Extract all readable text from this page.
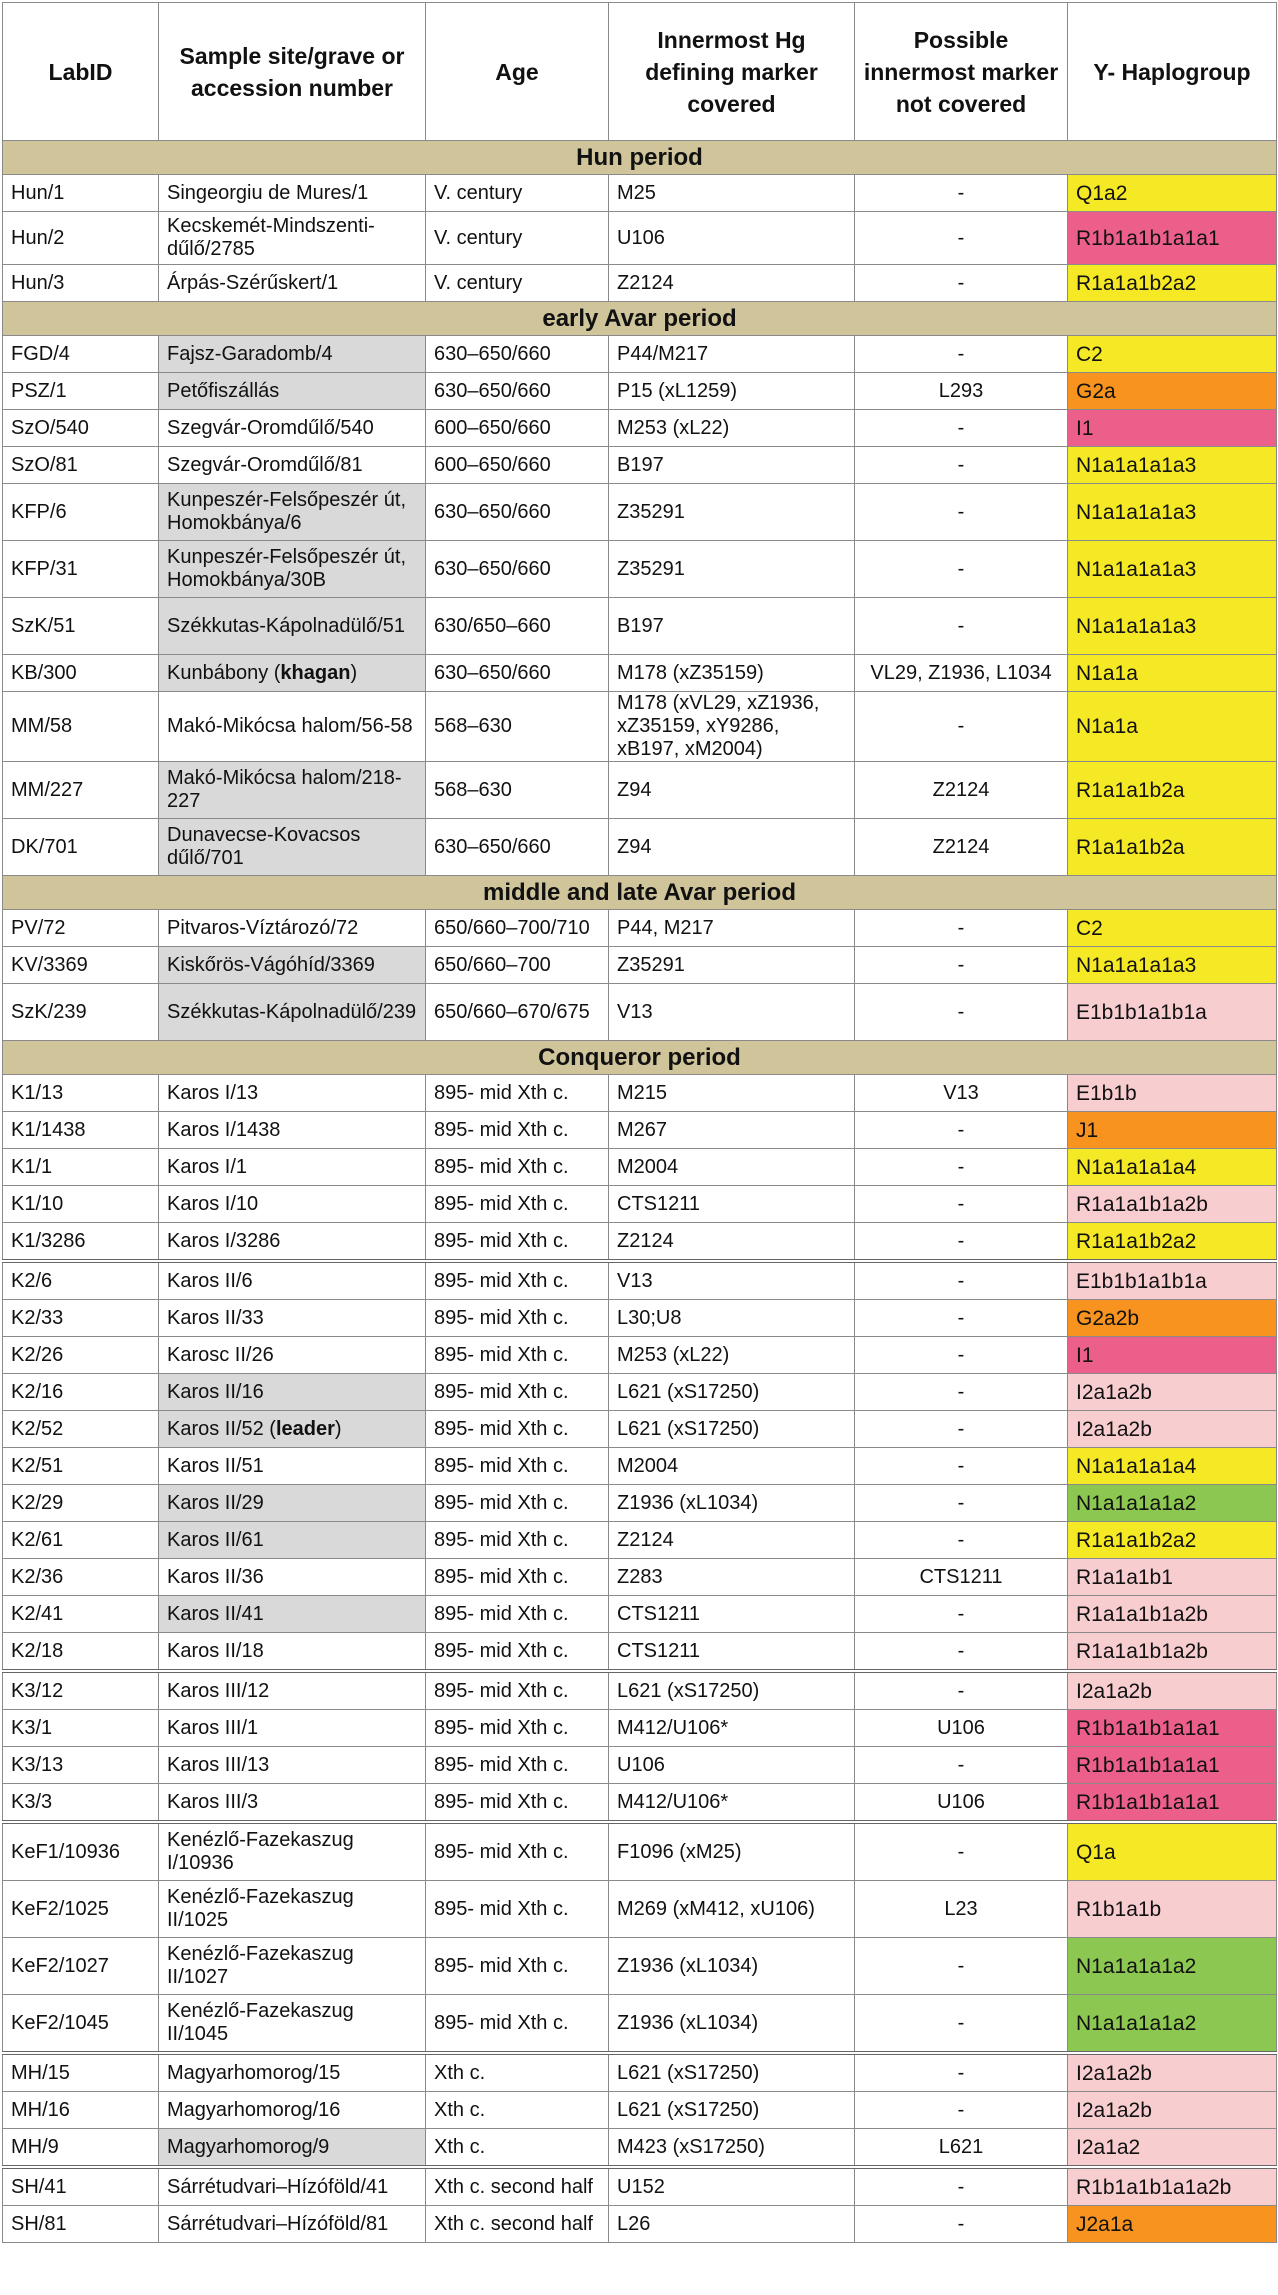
LabID	Sample site/grave or accession number	Age	Innermost Hg defining marker covered	Possible innermost marker not covered	Y- Haplogroup
Hun period					
Hun/1	Singeorgiu de Mures/1	V. century	M25	-	Q1a2
Hun/2	Kecskemét-Mindszenti-dűlő/2785	V. century	U106	-	R1b1a1b1a1a1
Hun/3	Árpás-Szérűskert/1	V. century	Z2124	-	R1a1a1b2a2
early Avar period					
FGD/4	Fajsz-Garadomb/4	630–650/660	P44/M217	-	C2
PSZ/1	Petőfiszállás	630–650/660	P15 (xL1259)	L293	G2a
SzO/540	Szegvár-Oromdűlő/540	600–650/660	M253 (xL22)	-	I1
SzO/81	Szegvár-Oromdűlő/81	600–650/660	B197	-	N1a1a1a1a3
KFP/6	Kunpeszér-Felsőpeszér út, Homokbánya/6	630–650/660	Z35291	-	N1a1a1a1a3
KFP/31	Kunpeszér-Felsőpeszér út, Homokbánya/30B	630–650/660	Z35291	-	N1a1a1a1a3
SzK/51	Székkutas-Kápolnadülő/51	630/650–660	B197	-	N1a1a1a1a3
KB/300	Kunbábony (khagan)	630–650/660	M178 (xZ35159)	VL29, Z1936, L1034	N1a1a
MM/58	Makó-Mikócsa halom/56-58	568–630	M178 (xVL29, xZ1936, xZ35159, xY9286, xB197, xM2004)	-	N1a1a
MM/227	Makó-Mikócsa halom/218-227	568–630	Z94	Z2124	R1a1a1b2a
DK/701	Dunavecse-Kovacsos dűlő/701	630–650/660	Z94	Z2124	R1a1a1b2a
middle and late Avar period					
PV/72	Pitvaros-Víztározó/72	650/660–700/710	P44, M217	-	C2
KV/3369	Kiskőrös-Vágóhíd/3369	650/660–700	Z35291	-	N1a1a1a1a3
SzK/239	Székkutas-Kápolnadülő/239	650/660–670/675	V13	-	E1b1b1a1b1a
Conqueror period					
K1/13	Karos I/13	895- mid Xth c.	M215	V13	E1b1b
K1/1438	Karos I/1438	895- mid Xth c.	M267	-	J1
K1/1	Karos I/1	895- mid Xth c.	M2004	-	N1a1a1a1a4
K1/10	Karos I/10	895- mid Xth c.	CTS1211	-	R1a1a1b1a2b
K1/3286	Karos I/3286	895- mid Xth c.	Z2124	-	R1a1a1b2a2
K2/6	Karos II/6	895- mid Xth c.	V13	-	E1b1b1a1b1a
K2/33	Karos II/33	895- mid Xth c.	L30;U8	-	G2a2b
K2/26	Karosc II/26	895- mid Xth c.	M253 (xL22)	-	I1
K2/16	Karos II/16	895- mid Xth c.	L621 (xS17250)	-	I2a1a2b
K2/52	Karos II/52 (leader)	895- mid Xth c.	L621 (xS17250)	-	I2a1a2b
K2/51	Karos II/51	895- mid Xth c.	M2004	-	N1a1a1a1a4
K2/29	Karos II/29	895- mid Xth c.	Z1936 (xL1034)	-	N1a1a1a1a2
K2/61	Karos II/61	895- mid Xth c.	Z2124	-	R1a1a1b2a2
K2/36	Karos II/36	895- mid Xth c.	Z283	CTS1211	R1a1a1b1
K2/41	Karos II/41	895- mid Xth c.	CTS1211	-	R1a1a1b1a2b
K2/18	Karos II/18	895- mid Xth c.	CTS1211	-	R1a1a1b1a2b
K3/12	Karos III/12	895- mid Xth c.	L621 (xS17250)	-	I2a1a2b
K3/1	Karos III/1	895- mid Xth c.	M412/U106*	U106	R1b1a1b1a1a1
K3/13	Karos III/13	895- mid Xth c.	U106	-	R1b1a1b1a1a1
K3/3	Karos III/3	895- mid Xth c.	M412/U106*	U106	R1b1a1b1a1a1
KeF1/10936	Kenézlő-Fazekaszug I/10936	895- mid Xth c.	F1096 (xM25)	-	Q1a
KeF2/1025	Kenézlő-Fazekaszug II/1025	895- mid Xth c.	M269 (xM412, xU106)	L23	R1b1a1b
KeF2/1027	Kenézlő-Fazekaszug II/1027	895- mid Xth c.	Z1936 (xL1034)	-	N1a1a1a1a2
KeF2/1045	Kenézlő-Fazekaszug II/1045	895- mid Xth c.	Z1936 (xL1034)	-	N1a1a1a1a2
MH/15	Magyarhomorog/15	Xth c.	L621 (xS17250)	-	I2a1a2b
MH/16	Magyarhomorog/16	Xth c.	L621 (xS17250)	-	I2a1a2b
MH/9	Magyarhomorog/9	Xth c.	M423 (xS17250)	L621	I2a1a2
SH/41	Sárrétudvari–Hízóföld/41	Xth c. second half	U152	-	R1b1a1b1a1a2b
SH/81	Sárrétudvari–Hízóföld/81	Xth c. second half	L26	-	J2a1a
